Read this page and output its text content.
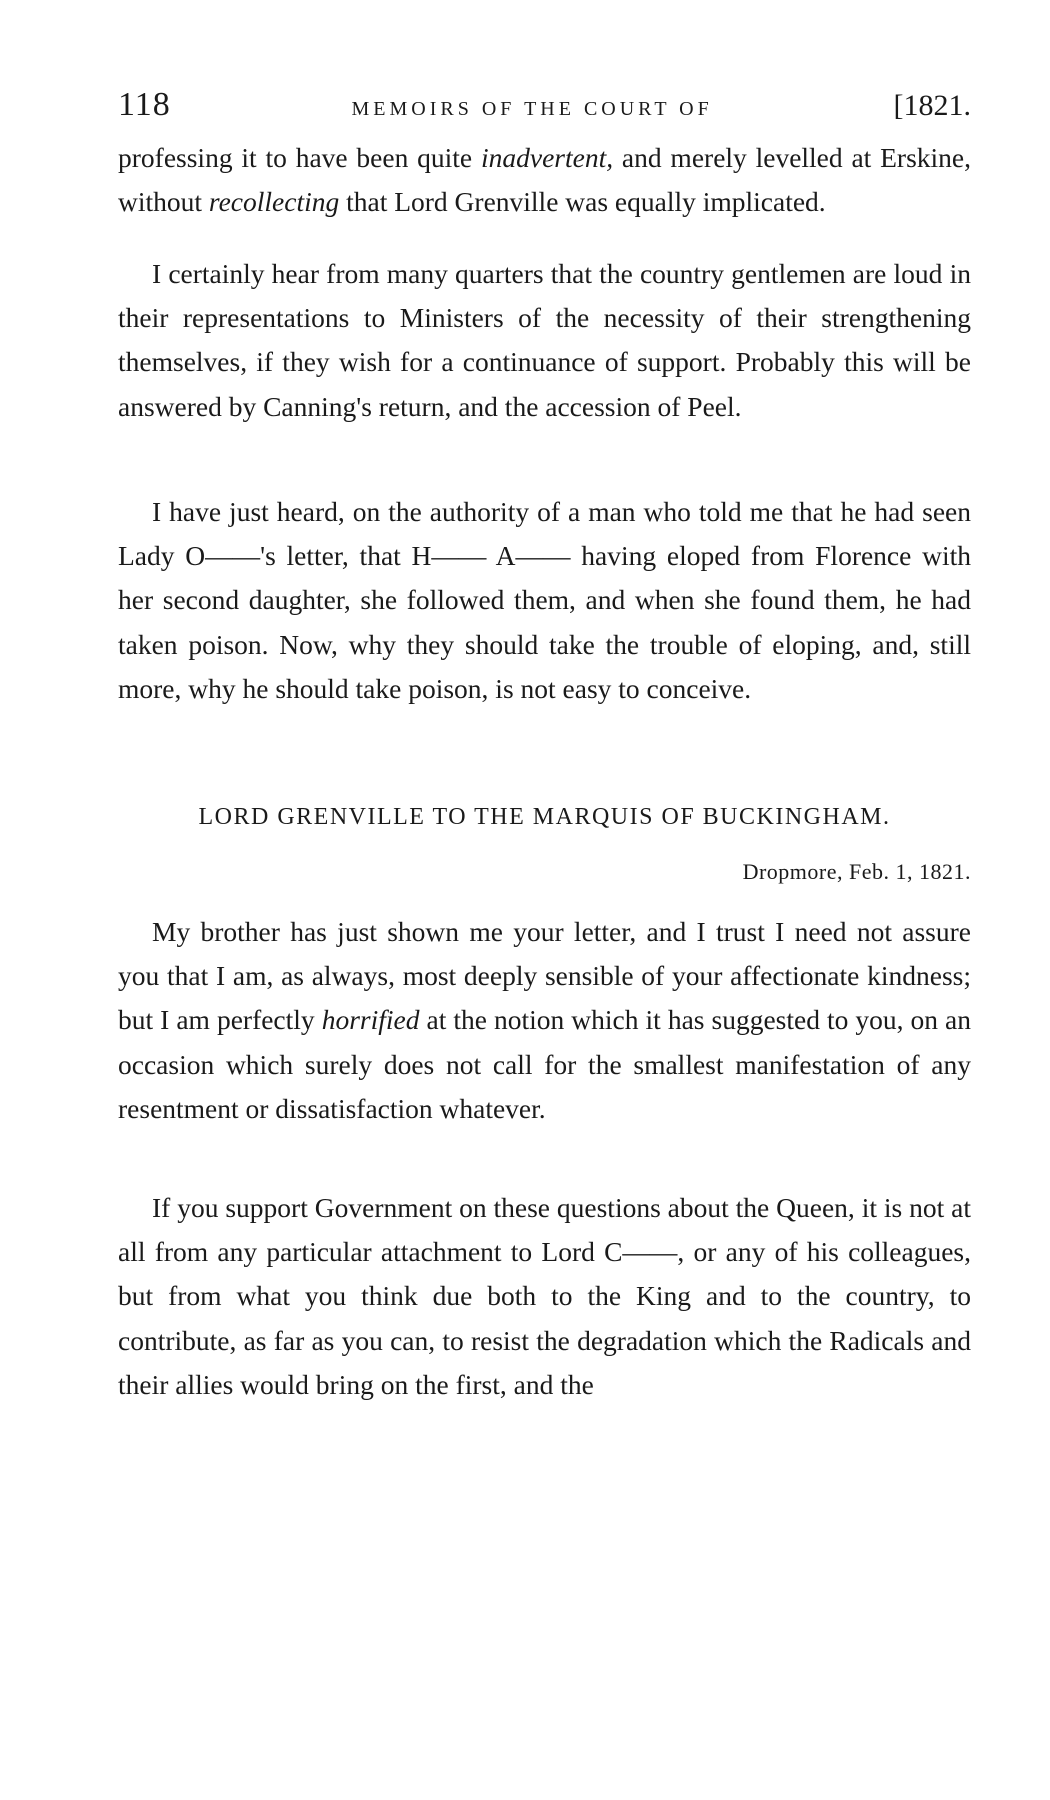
118	MEMOIRS OF THE COURT OF	[1821.

professing it to have been quite inadvertent, and merely levelled at Erskine, without recollecting that Lord Grenville was equally implicated.

I certainly hear from many quarters that the country gentlemen are loud in their representations to Ministers of the necessity of their strengthening themselves, if they wish for a continuance of support. Probably this will be answered by Canning's return, and the accession of Peel.

I have just heard, on the authority of a man who told me that he had seen Lady O——'s letter, that H—— A—— having eloped from Florence with her second daughter, she followed them, and when she found them, he had taken poison. Now, why they should take the trouble of eloping, and, still more, why he should take poison, is not easy to conceive.

LORD GRENVILLE TO THE MARQUIS OF BUCKINGHAM.
Dropmore, Feb. 1, 1821.

My brother has just shown me your letter, and I trust I need not assure you that I am, as always, most deeply sensible of your affectionate kindness; but I am perfectly horrified at the notion which it has suggested to you, on an occasion which surely does not call for the smallest manifestation of any resentment or dissatisfaction whatever.

If you support Government on these questions about the Queen, it is not at all from any particular attachment to Lord C——, or any of his colleagues, but from what you think due both to the King and to the country, to contribute, as far as you can, to resist the degradation which the Radicals and their allies would bring on the first, and the
